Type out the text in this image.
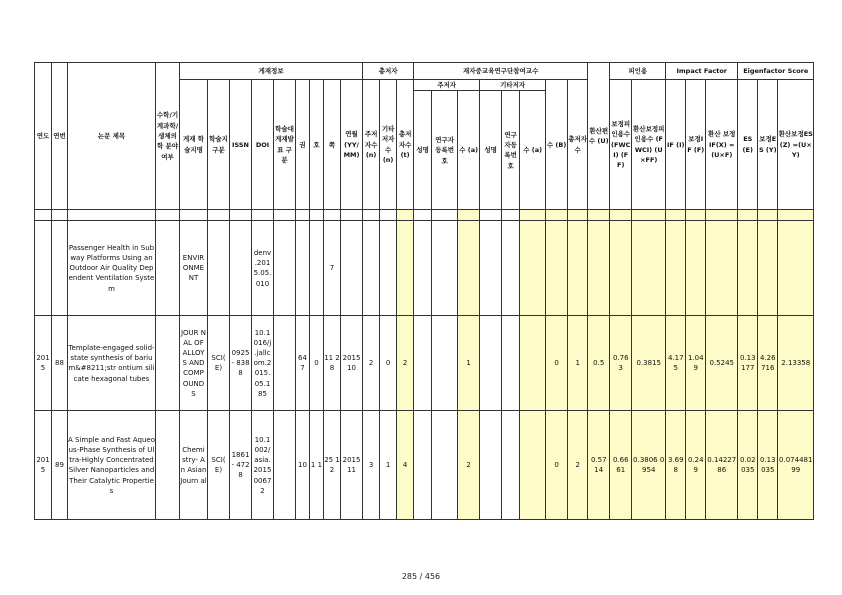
연도	연번	논문 제목	수학/기계과학/생체의학 분야 여부	게재정보									총저자			재자중교육연구단참여교수								환산편수 (U)	피인용		Impact Factor			Eigenfactor Score		
				게재 학술지명	학술지 구분	ISSN	DOI	학술대 게재발표 구분	권	호	쪽	연월 (YY/MM)	주저자수 (n)	기타저자수 (n)	총저자수 (t)	주저자			기타저자			수 (B)	총저자수		보정피인용수 (FWCI) (FF)	환산보정피인용수 (FWCI) (U×FF)	IF (I)	보정IF (F)	환산 보정 IF(X) = (U×F)	ES (E)	보정ES (Y)	환산보정ES(Z) =(U×Y)
																성명	연구자등록번호	수 (a)	성명	연구자등록번호	수 (a)											

		Passenger Health in Subway Platforms Using an Outdoor Air Quality Dependent Ventilation System		ENVIR ONME NT			denv .201 5.05. 010				7																					
201 5	88	Template-engaged solid-state synthesis of barium&#8211;str ontium silicate hexagonal tubes		JOUR NAL OF ALLOY S AND COMP OUND S	SCI( E)	0925 - 8388	10.1 016/j .jallc om.2 015. 05.1 85		64 7	0	11 28	2015 10	2	0	2			1				0	1	0.5	0.76 3	0.3815	4.17 5	1.04 9	0.5245	0.13 177	4.26 716	2.13358
201 5	89	A Simple and Fast Aqueous-Phase Synthesis of Ultra-Highly Concentrated Silver Nanoparticles and Their Catalytic Properties		Chemi stry- An Asian Journ al	SCI( E)	1861 - 4728	10.1 002/ asia. 2015 0067 2		10	1 1	25 12	2015 11	3	1	4			2				0	2	0.57 14	0.66 61	0.3806 0954	3.69 8	0.24 9	0.14227 86	0.02 035	0.13 035	0.074481 99
285 / 456
